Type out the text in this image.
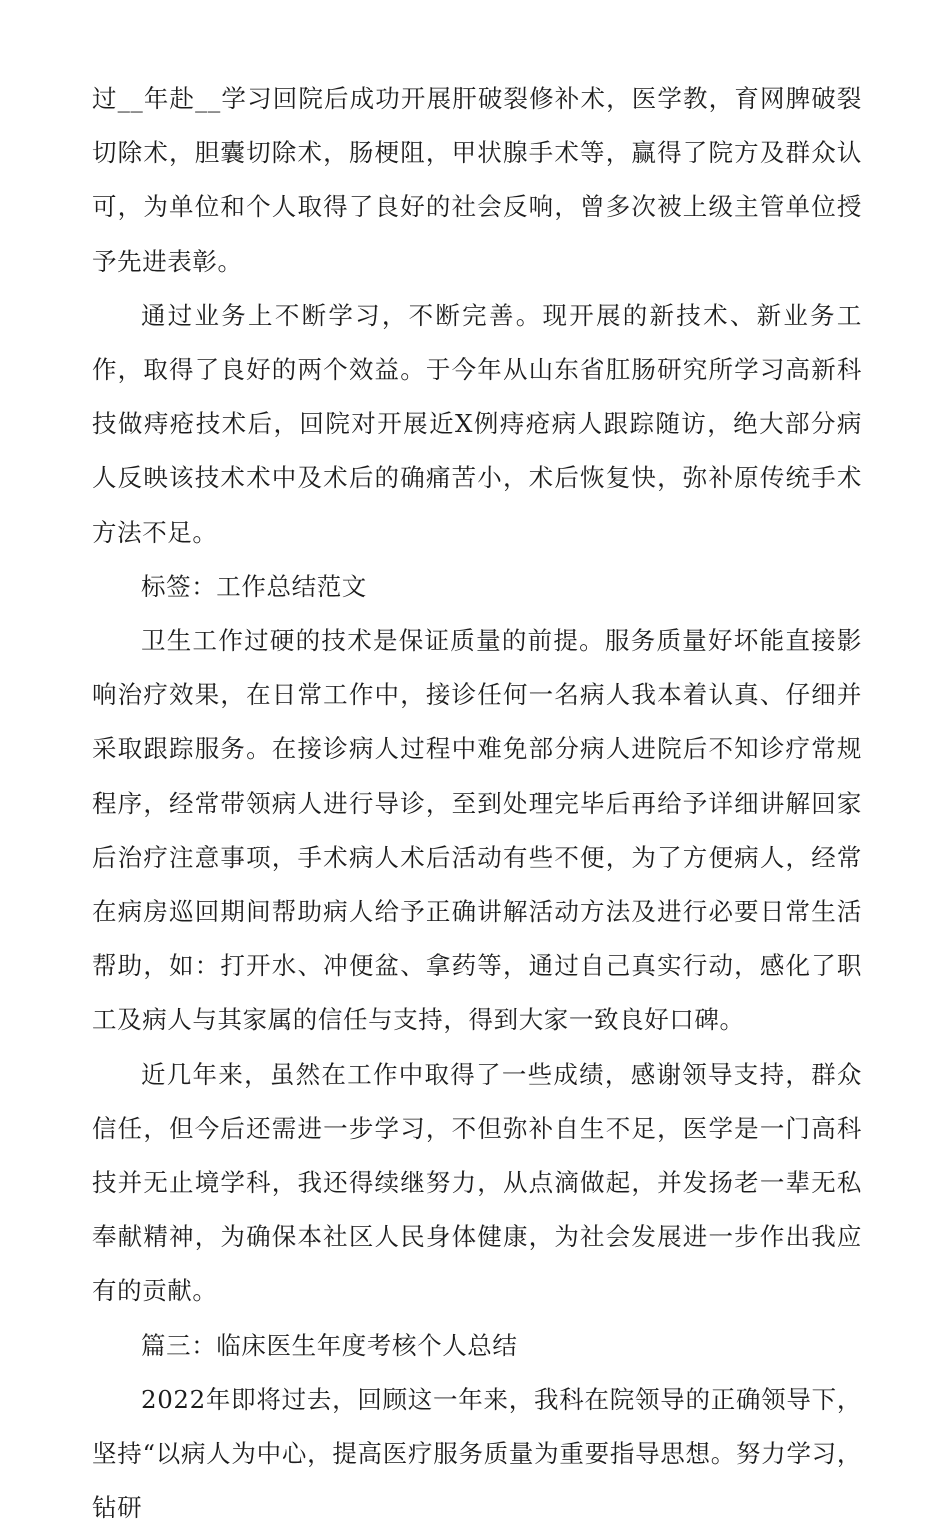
过__年赴__学习回院后成功开展肝破裂修补术，医学教，育网脾破裂切除术，胆囊切除术，肠梗阻，甲状腺手术等，赢得了院方及群众认可，为单位和个人取得了良好的社会反响，曾多次被上级主管单位授予先进表彰。

通过业务上不断学习，不断完善。现开展的新技术、新业务工作，取得了良好的两个效益。于今年从山东省肛肠研究所学习高新科技做痔疮技术后，回院对开展近X例痔疮病人跟踪随访，绝大部分病人反映该技术术中及术后的确痛苦小，术后恢复快，弥补原传统手术方法不足。

标签：工作总结范文

卫生工作过硬的技术是保证质量的前提。服务质量好坏能直接影响治疗效果，在日常工作中，接诊任何一名病人我本着认真、仔细并采取跟踪服务。在接诊病人过程中难免部分病人进院后不知诊疗常规程序，经常带领病人进行导诊，至到处理完毕后再给予详细讲解回家后治疗注意事项，手术病人术后活动有些不便，为了方便病人，经常在病房巡回期间帮助病人给予正确讲解活动方法及进行必要日常生活帮助，如：打开水、冲便盆、拿药等，通过自己真实行动，感化了职工及病人与其家属的信任与支持，得到大家一致良好口碑。

近几年来，虽然在工作中取得了一些成绩，感谢领导支持，群众信任，但今后还需进一步学习，不但弥补自生不足，医学是一门高科技并无止境学科，我还得续继努力，从点滴做起，并发扬老一辈无私奉献精神，为确保本社区人民身体健康，为社会发展进一步作出我应有的贡献。

篇三：临床医生年度考核个人总结

2022年即将过去，回顾这一年来，我科在院领导的正确领导下，坚持“以病人为中心，提高医疗服务质量为重要指导思想。努力学习，钻研
